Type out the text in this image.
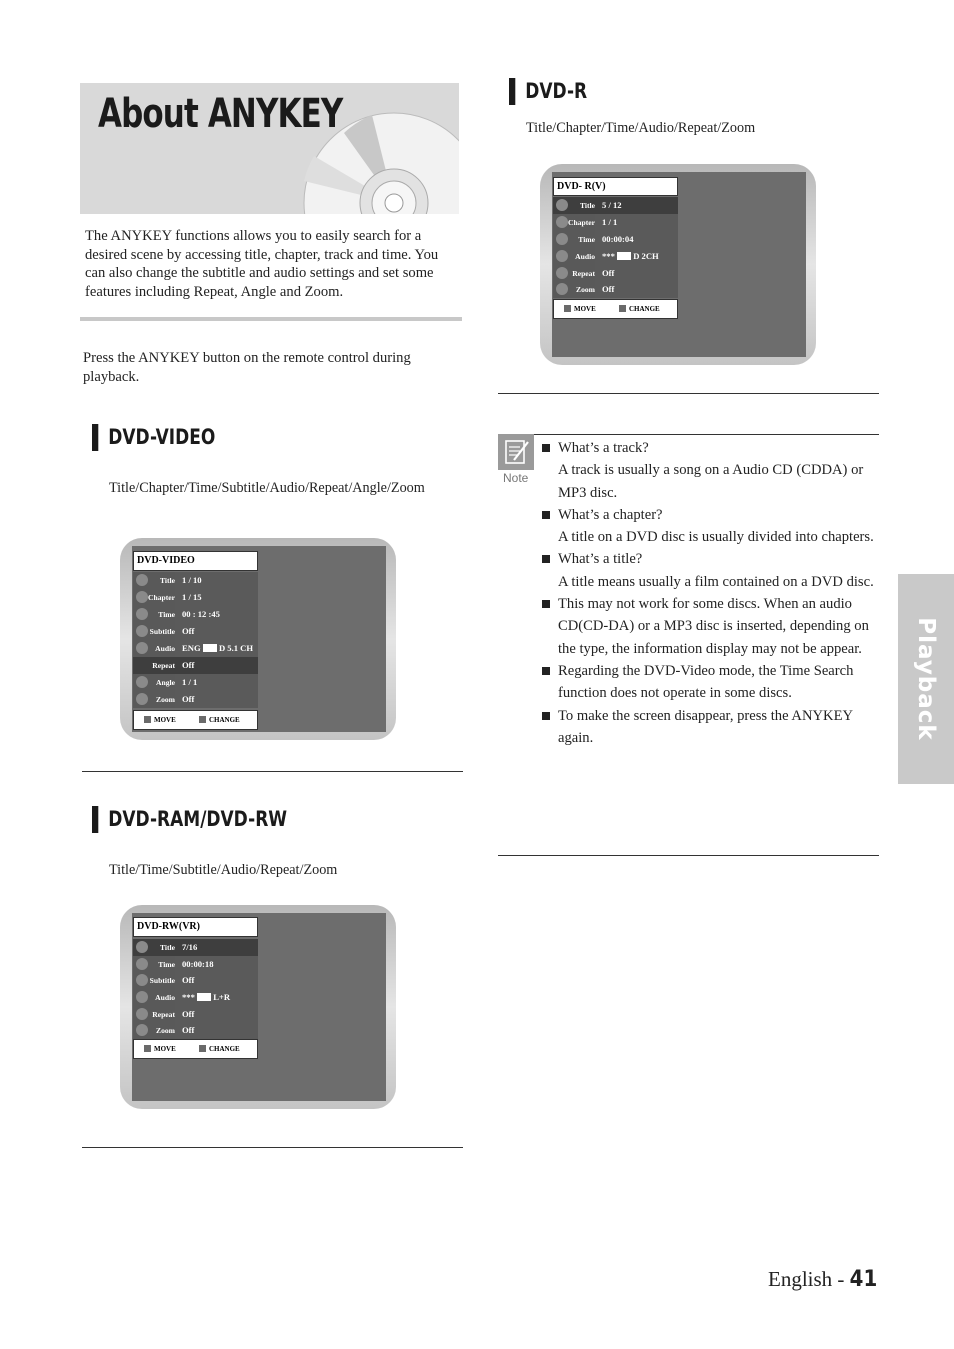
About ANYKEY
The ANYKEY functions allows you to easily search for a desired scene by accessing title, chapter, track and time. You can also change the subtitle and audio settings and set some features including Repeat, Angle and Zoom.
Press the ANYKEY button on the remote control during playback.
DVD-VIDEO
Title/Chapter/Time/Subtitle/Audio/Repeat/Angle/Zoom
DVD-VIDEO
Title 1 / 10
Chapter 1 / 15
Time 00 : 12 :45
Subtitle Off
Audio ENG D 5.1 CH
Repeat Off
Angle 1 / 1
Zoom Off
MOVE	CHANGE
DVD-RAM/DVD-RW
Title/Time/Subtitle/Audio/Repeat/Zoom
DVD-RW(VR)
Title 7/16
Time 00:00:18
Subtitle Off
Audio *** L+R
Repeat Off
Zoom Off
MOVE	CHANGE
DVD-R
Title/Chapter/Time/Audio/Repeat/Zoom
DVD- R(V)
Title 5 / 12
Chapter 1 / 1
Time 00:00:04
Audio *** D 2CH
Repeat Off
Zoom Off
MOVE	CHANGE
Note
What’s a track?
A track is usually a song on a Audio CD (CDDA) or MP3 disc.
What’s a chapter?
A title on a DVD disc is usually divided into chapters.
What’s a title?
A title means usually a film contained on a DVD disc.
This may not work for some discs. When an audio CD(CD-DA) or a MP3 disc is inserted, depending on the type, the information display may not be appear.
Regarding the DVD-Video mode, the Time Search function does not operate in some discs.
To make the screen disappear, press the ANYKEY again.	Playback
English - 41
